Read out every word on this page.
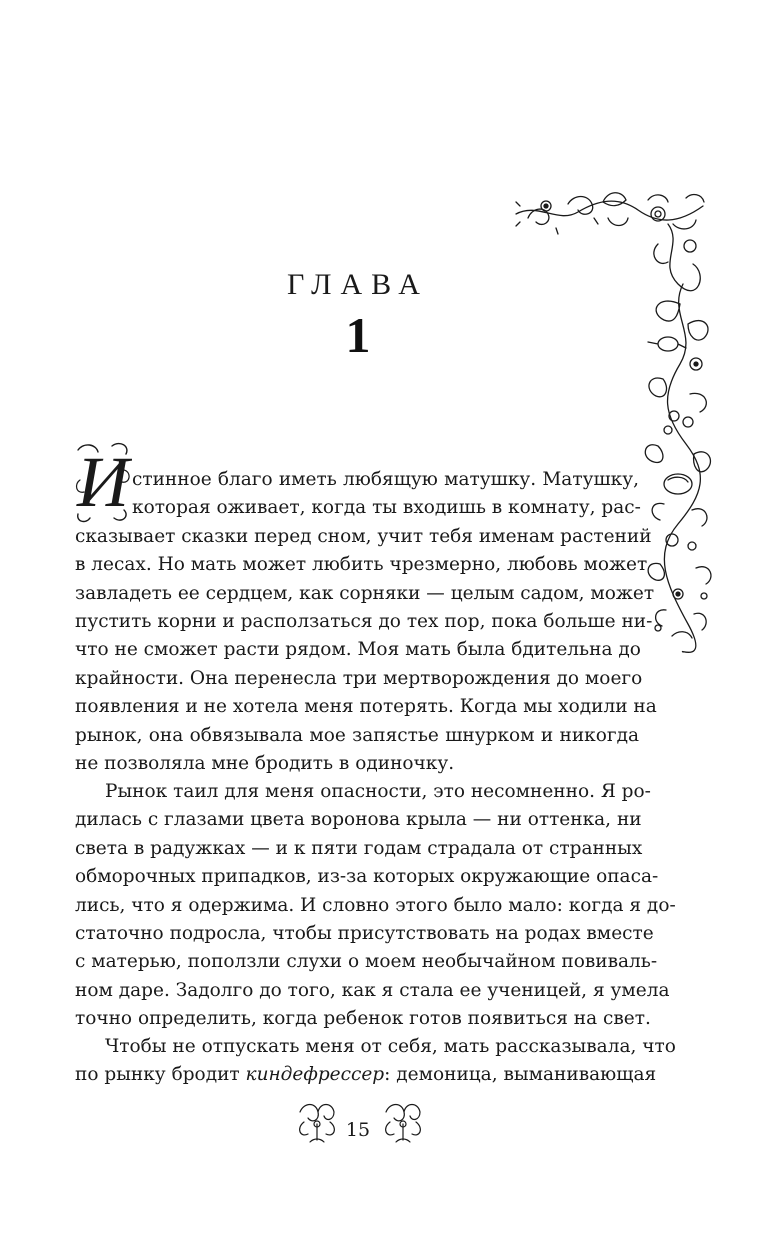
ГЛАВА
1
И стинное благо иметь любящую матушку. Матушку,
которая оживает, когда ты входишь в комнату, рас-
сказывает сказки перед сном, учит тебя именам растений
в лесах. Но мать может любить чрезмерно, любовь может
завладеть ее сердцем, как сорняки — целым садом, может
пустить корни и расползаться до тех пор, пока больше ни-
что не сможет расти рядом. Моя мать была бдительна до
крайности. Она перенесла три мертворождения до моего
появления и не хотела меня потерять. Когда мы ходили на
рынок, она обвязывала мое запястье шнурком и никогда
не позволяла мне бродить в одиночку.
Рынок таил для меня опасности, это несомненно. Я ро-
дилась с глазами цвета воронова крыла — ни оттенка, ни
света в радужках — и к пяти годам страдала от странных
обморочных припадков, из-за которых окружающие опаса-
лись, что я одержима. И словно этого было мало: когда я до-
статочно подросла, чтобы присутствовать на родах вместе
с матерью, поползли слухи о моем необычайном повиваль-
ном даре. Задолго до того, как я стала ее ученицей, я умела
точно определить, когда ребенок готов появиться на свет.
Чтобы не отпускать меня от себя, мать рассказывала, что
по рынку бродит киндефрессер: демоница, выманивающая
15
